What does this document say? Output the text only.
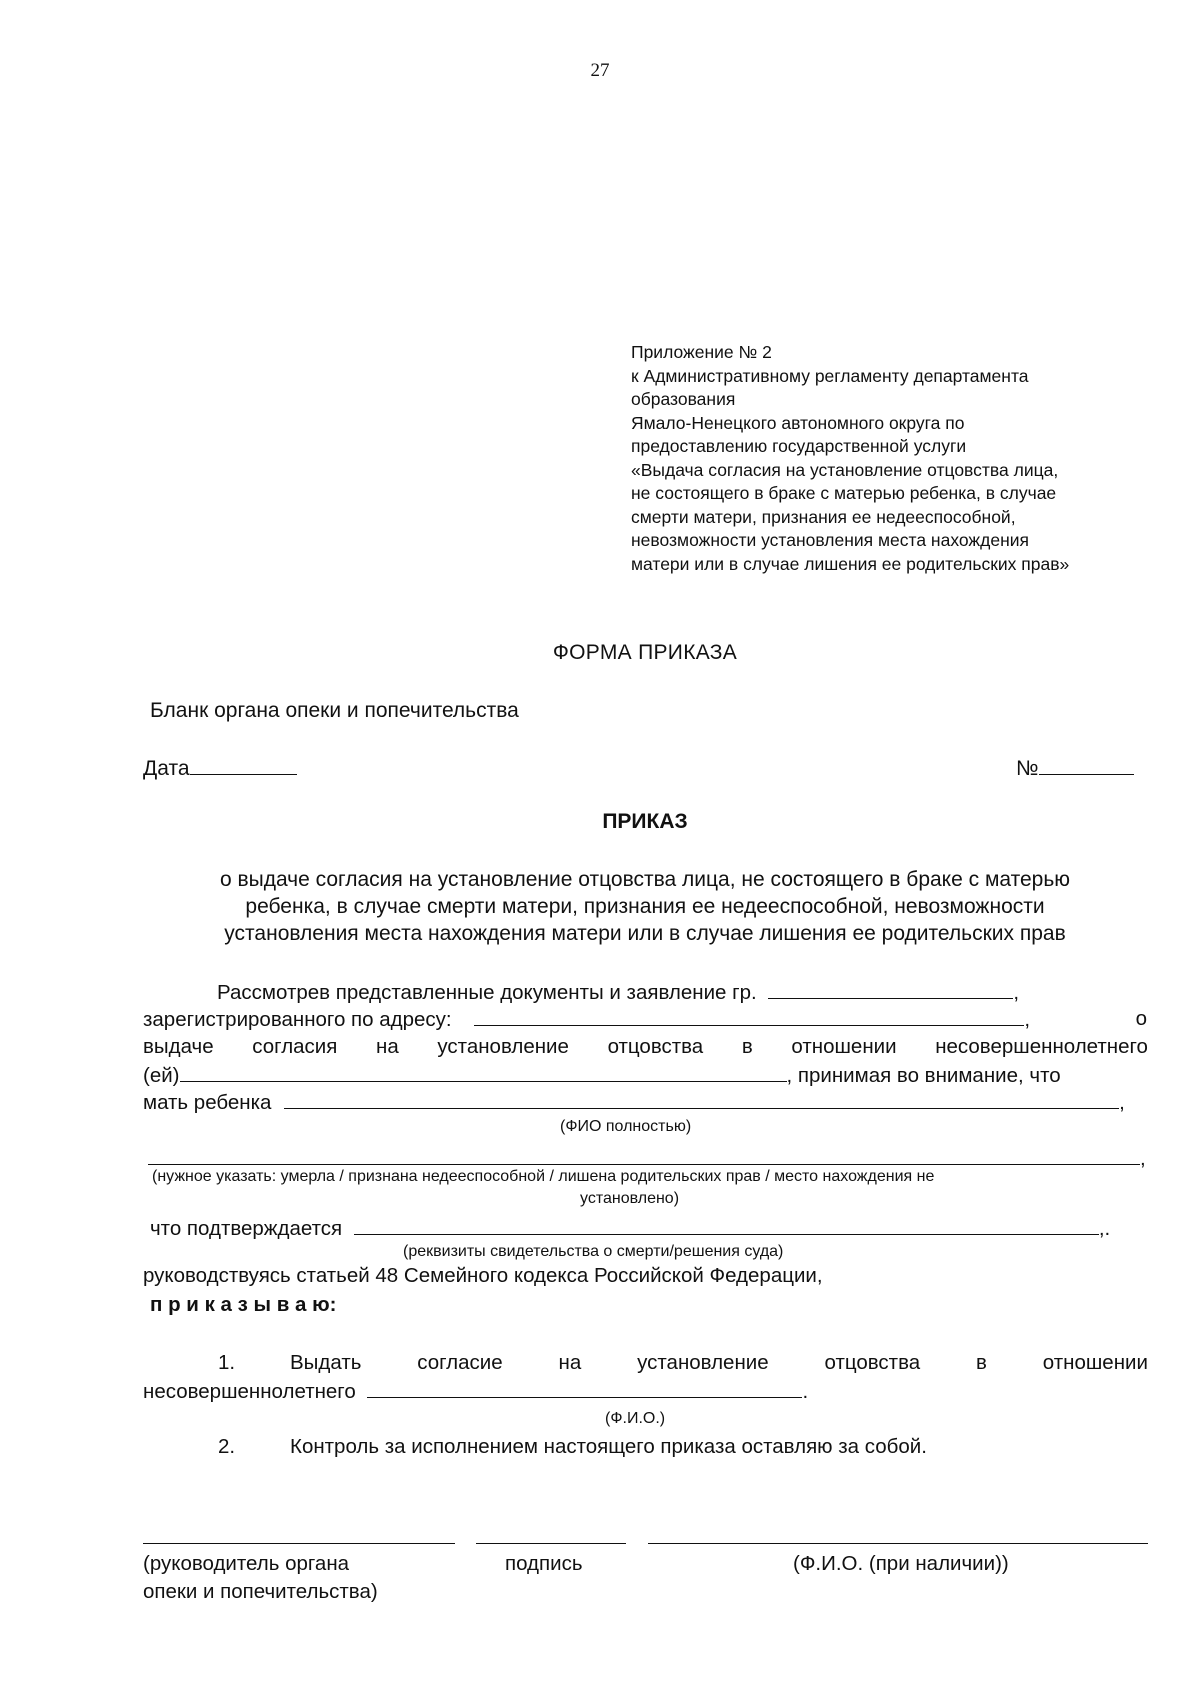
27
Приложение № 2
к Административному регламенту департамента
образования
Ямало-Ненецкого автономного округа по
предоставлению государственной услуги
«Выдача согласия на установление отцовства лица,
не состоящего в браке с матерью ребенка, в случае
смерти матери, признания ее недееспособной,
невозможности установления места нахождения
матери или в случае лишения ее родительских прав»
ФОРМА ПРИКАЗА
Бланк органа опеки и попечительства
Дата	№
ПРИКАЗ
о выдаче согласия на установление отцовства лица, не состоящего в браке с матерью
ребенка, в случае смерти матери, признания ее недееспособной, невозможности
установления места нахождения матери или в случае лишения ее родительских прав
Рассмотрев представленные документы и заявление гр.	,
зарегистрированного по адресу:	,	о
выдаче согласия на установление отцовства в отношении несовершеннолетнего
(ей)	, принимая во внимание, что
мать ребенка	,
(ФИО полностью)
,
(нужное указать: умерла / признана недееспособной / лишена родительских прав / место нахождения не
установлено)
что подтверждается	,.
(реквизиты свидетельства о смерти/решения суда)
руководствуясь статьей 48 Семейного кодекса Российской Федерации,
п р и к а з ы в а ю:
1.	Выдать	согласие	на	установление	отцовства	в	отношении
несовершеннолетнего	.
(Ф.И.О.)
2.	Контроль за исполнением настоящего приказа оставляю за собой.
(руководитель органа
опеки и попечительства)
подпись	(Ф.И.О. (при наличии))
